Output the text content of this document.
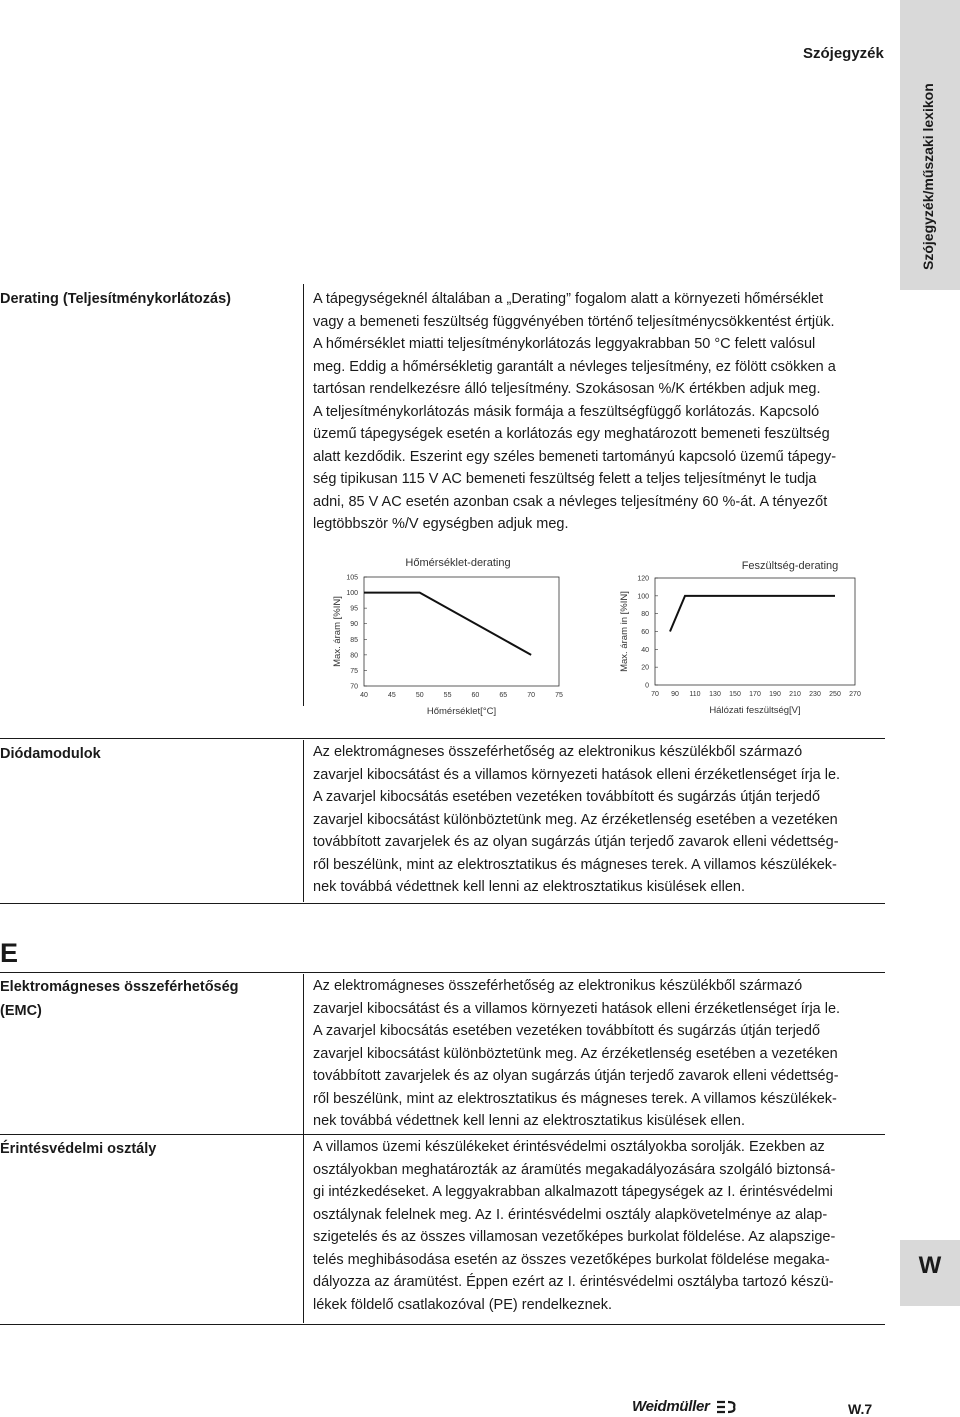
Szójegyzék/műszaki lexikon
W
Szójegyzék
Derating (Teljesítménykorlátozás)	A tápegységeknél általában a „Derating” fogalom alatt a környezeti hőmérséklet

vagy a bemeneti feszültség függvényében történő teljesítménycsökkentést értjük.

A hőmérséklet miatti teljesítménykorlátozás leggyakrabban 50 °C felett valósul

meg. Eddig a hőmérsékletig garantált a névleges teljesítmény, ez fölött csökken a

tartósan rendelkezésre álló teljesítmény. Szokásosan %/K értékben adjuk meg.

A teljesítménykorlátozás másik formája a feszültségfüggő korlátozás. Kapcsoló

üzemű tápegységek esetén a korlátozás egy meghatározott bemeneti feszültség

alatt kezdődik. Eszerint egy széles bemeneti tartományú kapcsoló üzemű tápegy-

ség tipikusan 115 V AC bemeneti feszültség felett a teljes teljesítményt le tudja

adni, 85 V AC esetén azonban csak a névleges teljesítmény 60 %-át. A tényezőt

legtöbbször %/V egységben adjuk meg.

Hőmérséklet-derating
70
75
80
85
90
95
100
105
40	45	50	55	60	65	70	75
Hőmérséklet[°C]
Max. áram [%IN]
Feszültség-derating
0
20
40
60
80
100
120
70 90 110 130 150 170 190 210 230 250 270
Hálózati feszültség[V]
Max. áram in [%IN]
Diódamodulok	Az elektromágneses összeférhetőség az elektronikus készülékből származó

zavarjel kibocsátást és a villamos környezeti hatások elleni érzéketlenséget írja le.

A zavarjel kibocsátás esetében vezetéken továbbított és sugárzás útján terjedő

zavarjel kibocsátást különböztetünk meg. Az érzéketlenség esetében a vezetéken

továbbított zavarjelek és az olyan sugárzás útján terjedő zavarok elleni védettség-

ről beszélünk, mint az elektrosztatikus és mágneses terek. A villamos készülékek-

nek továbbá védettnek kell lenni az elektrosztatikus kisülések ellen.

E
Elektromágneses összeférhetőség
(EMC)

Az elektromágneses összeférhetőség az elektronikus készülékből származó

zavarjel kibocsátást és a villamos környezeti hatások elleni érzéketlenséget írja le.

A zavarjel kibocsátás esetében vezetéken továbbított és sugárzás útján terjedő

zavarjel kibocsátást különböztetünk meg. Az érzéketlenség esetében a vezetéken

továbbított zavarjelek és az olyan sugárzás útján terjedő zavarok elleni védettség-

ről beszélünk, mint az elektrosztatikus és mágneses terek. A villamos készülékek-

nek továbbá védettnek kell lenni az elektrosztatikus kisülések ellen.

Érintésvédelmi osztály	A villamos üzemi készülékeket érintésvédelmi osztályokba sorolják. Ezekben az

osztályokban meghatározták az áramütés megakadályozására szolgáló biztonsá-

gi intézkedéseket. A leggyakrabban alkalmazott tápegységek az I. érintésvédelmi

osztálynak felelnek meg. Az I. érintésvédelmi osztály alapkövetelménye az alap-

szigetelés és az összes villamosan vezetőképes burkolat földelése. Az alapszige-

telés meghibásodása esetén az összes vezetőképes burkolat földelése megaka-

dályozza az áramütést. Éppen ezért az I. érintésvédelmi osztályba tartozó készü-

lékek földelő csatlakozóval (PE) rendelkeznek.

Weidmüller	W.7
